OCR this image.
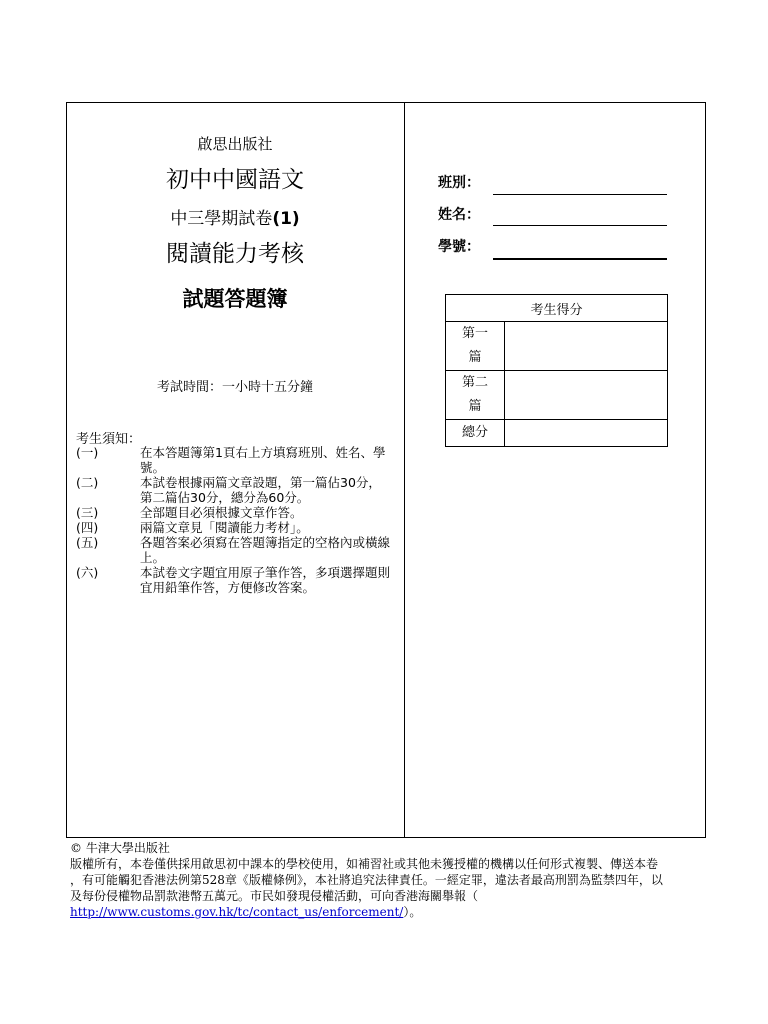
啟思出版社
初中中國語文
中三學期試卷(1)
閱讀能力考核
試題答題簿
考試時間：一小時十五分鐘
考生須知：
(一)	在本答題簿第1頁右上方填寫班別、姓名、學號。
(二)	本試卷根據兩篇文章設題，第一篇佔30分，第二篇佔30分，總分為60分。
(三)	全部題目必須根據文章作答。
(四)	兩篇文章見「閱讀能力考材」。
(五)	各題答案必須寫在答題簿指定的空格內或橫線上。
(六)	本試卷文字題宜用原子筆作答，多項選擇題則宜用鉛筆作答，方便修改答案。
班別：
姓名：
學號：
考生得分	

第一
篇	

第二
篇	

總分	
© 牛津大學出版社
版權所有，本卷僅供採用啟思初中課本的學校使用，如補習社或其他未獲授權的機構以任何形式複製、傳送本卷
，有可能觸犯香港法例第528章《版權條例》，本社將追究法律責任。一經定罪，違法者最高刑罰為監禁四年，以
及每份侵權物品罰款港幣五萬元。市民如發現侵權活動，可向香港海關舉報（
http://www.customs.gov.hk/tc/contact_us/enforcement/）。
